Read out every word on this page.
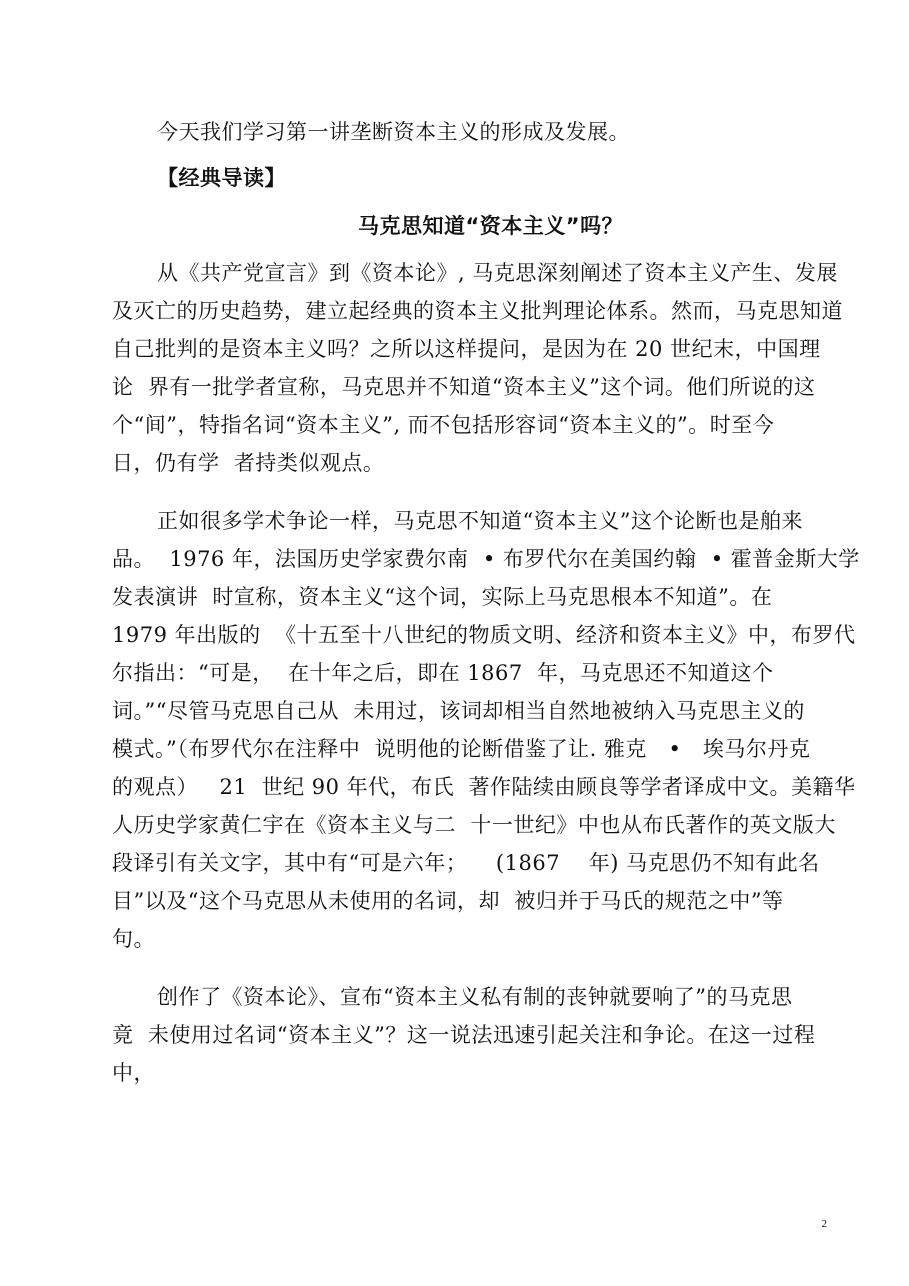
今天我们学习第一讲垄断资本主义的形成及发展。
【经典导读】
马克思知道“资本主义”吗？
从《共产党宣言》到《资本论》, 马克思深刻阐述了资本主义产生、发展
及灭亡的历史趋势，建立起经典的资本主义批判理论体系。然而，马克思知道
自己批判的是资本主义吗？之所以这样提问，是因为在 20 世纪末，中国理
论  界有一批学者宣称，马克思并不知道“资本主义”这个词。他们所说的这
个“间”，特指名词“资本主义”, 而不包括形容词“资本主义的”。时至今
日，仍有学  者持类似观点。
正如很多学术争论一样，马克思不知道“资本主义”这个论断也是舶来
品。  1976 年，法国历史学家费尔南  • 布罗代尔在美国约翰  • 霍普金斯大学
发表演讲  时宣称，资本主义“这个词，实际上马克思根本不知道”。在
1979 年出版的  《十五至十八世纪的物质文明、经济和资本主义》中，布罗代
尔指出：“可是，  在十年之后，即在 1867  年，马克思还不知道这个
词。”“尽管马克思自己从  未用过，该词却相当自然地被纳入马克思主义的
模式。”（布罗代尔在注释中  说明他的论断借鉴了让. 雅克   •   埃马尔丹克
的观点）   21  世纪 90 年代，布氏  著作陆续由顾良等学者译成中文。美籍华
人历史学家黄仁宇在《资本主义与二  十一世纪》中也从布氏著作的英文版大
段译引有关文字，其中有“可是六年；    (1867    年) 马克思仍不知有此名
目”以及“这个马克思从未使用的名词，却  被归并于马氏的规范之中”等
句。
创作了《资本论》、宣布“资本主义私有制的丧钟就要响了”的马克思
竟  未使用过名词“资本主义”？这一说法迅速引起关注和争论。在这一过程
中，
2
